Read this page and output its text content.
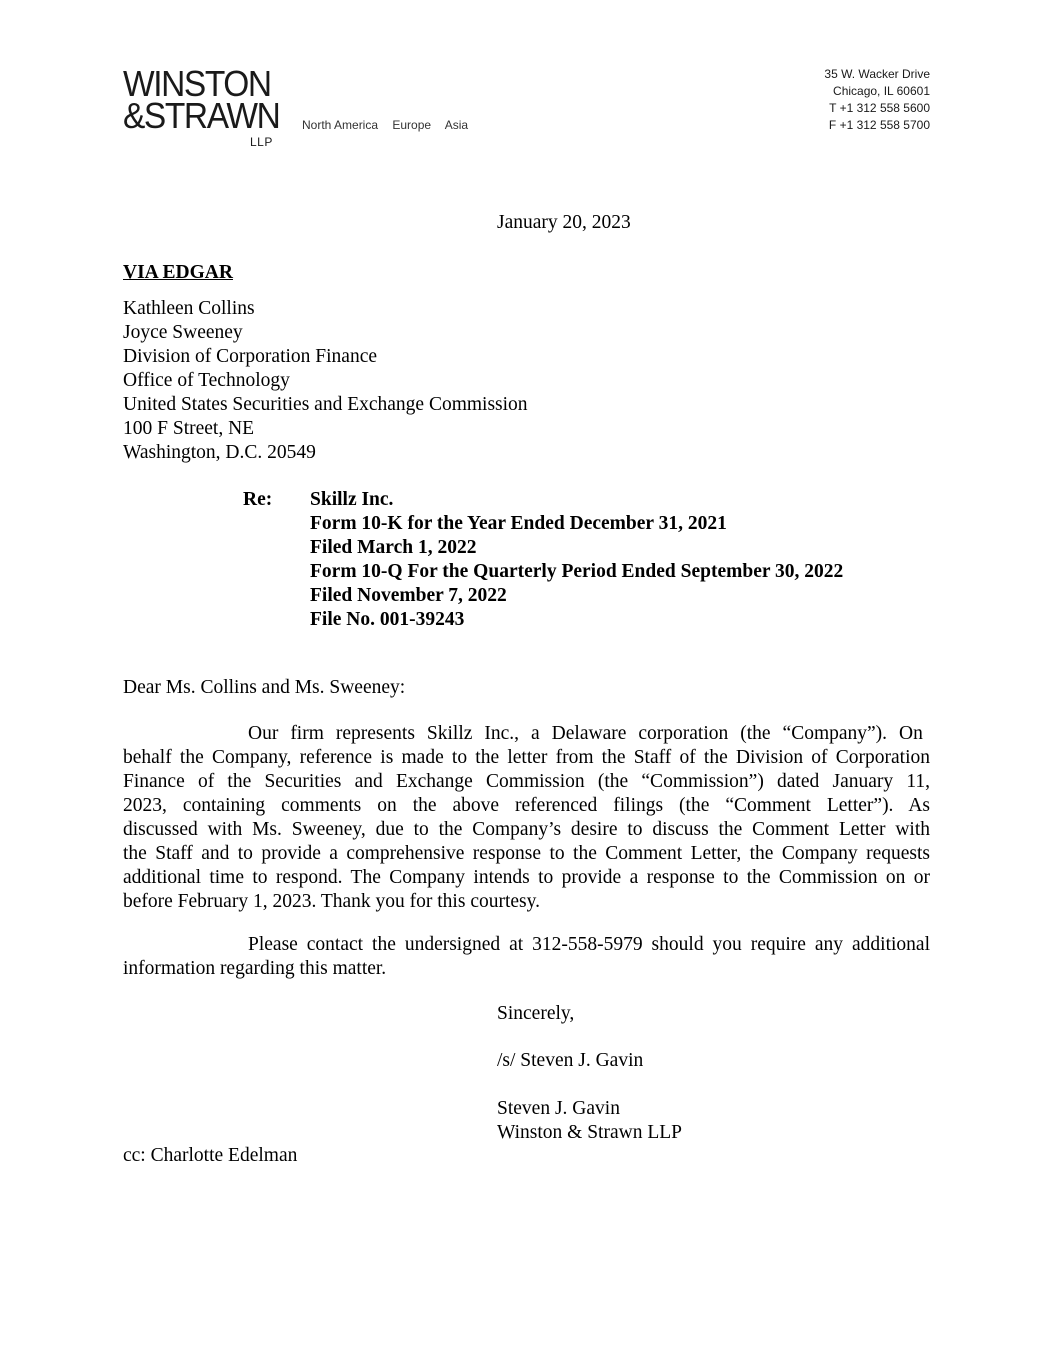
WINSTON
&STRAWN
LLP
North America Europe Asia
35 W. Wacker Drive
Chicago, IL 60601
T +1 312 558 5600
F +1 312 558 5700
January 20, 2023
VIA EDGAR
Kathleen Collins
Joyce Sweeney
Division of Corporation Finance
Office of Technology
United States Securities and Exchange Commission
100 F Street, NE
Washington, D.C. 20549
Re: Skillz Inc.
Form 10-K for the Year Ended December 31, 2021
Filed March 1, 2022
Form 10-Q For the Quarterly Period Ended September 30, 2022
Filed November 7, 2022
File No. 001-39243
Dear Ms. Collins and Ms. Sweeney:
Our firm represents Skillz Inc., a Delaware corporation (the “Company”). On
behalf the Company, reference is made to the letter from the Staff of the Division of Corporation
Finance of the Securities and Exchange Commission (the “Commission”) dated January 11,
2023, containing comments on the above referenced filings (the “Comment Letter”). As
discussed with Ms. Sweeney, due to the Company’s desire to discuss the Comment Letter with
the Staff and to provide a comprehensive response to the Comment Letter, the Company requests
additional time to respond. The Company intends to provide a response to the Commission on or
before February 1, 2023. Thank you for this courtesy.
Please contact the undersigned at 312-558-5979 should you require any additional
information regarding this matter.
Sincerely,
/s/ Steven J. Gavin
Steven J. Gavin
Winston & Strawn LLP
cc: Charlotte Edelman
